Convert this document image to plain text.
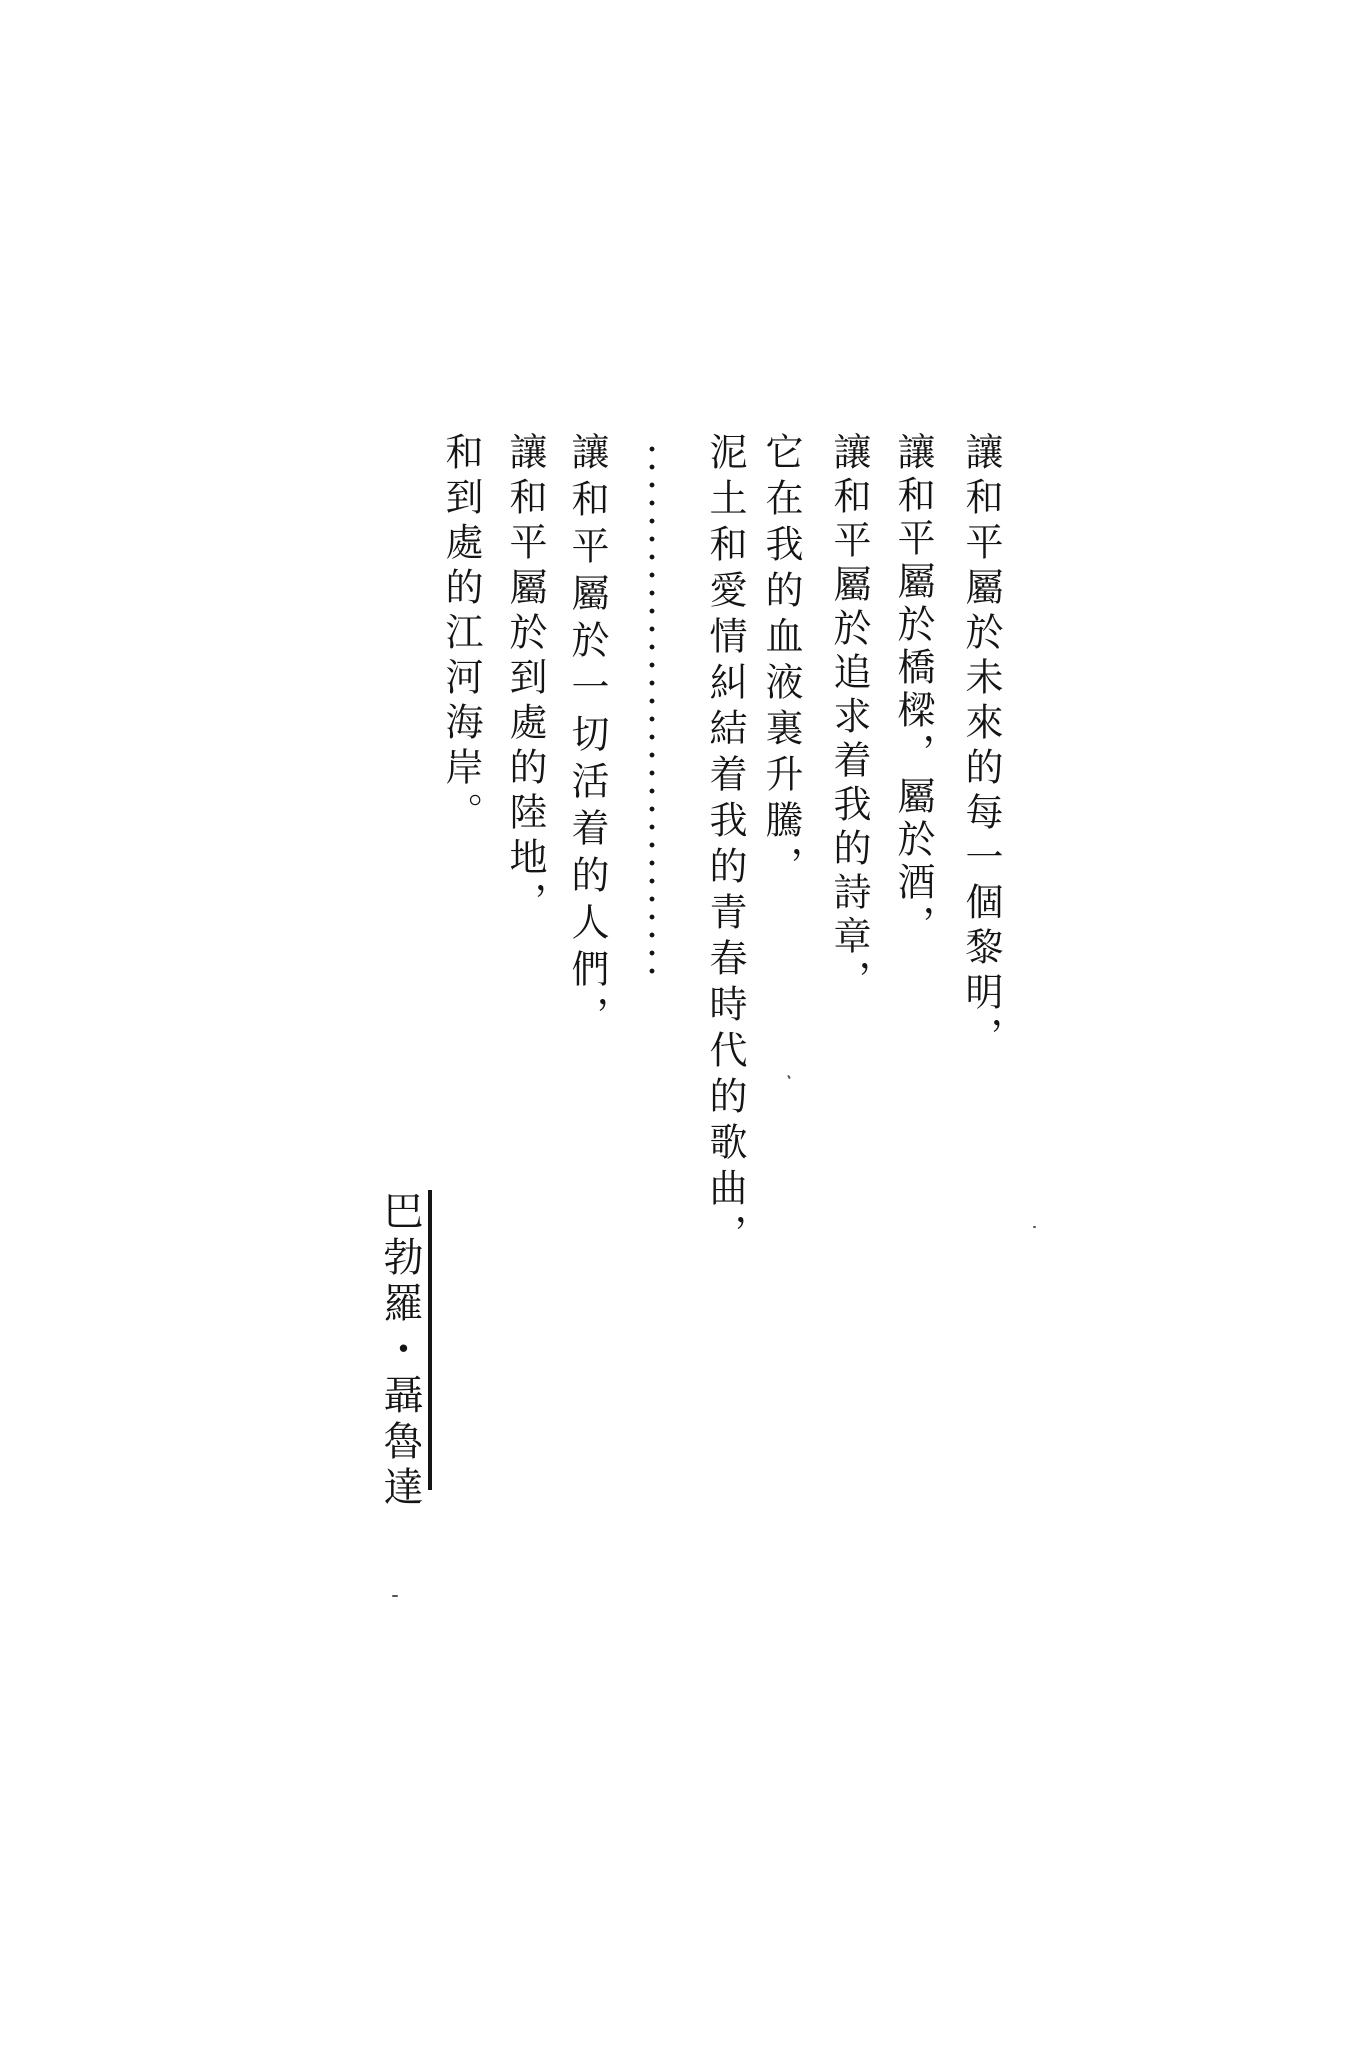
讓和平屬於未來的每一個黎明，
讓和平屬於橋樑，屬於酒，
讓和平屬於追求着我的詩章，
它在我的血液裏升騰，
泥土和愛情糾結着我的青春時代的歌曲，
讓和平屬於一切活着的人們，
讓和平屬於到處的陸地，
和到處的江河海岸。
巴勃羅・聶魯達
